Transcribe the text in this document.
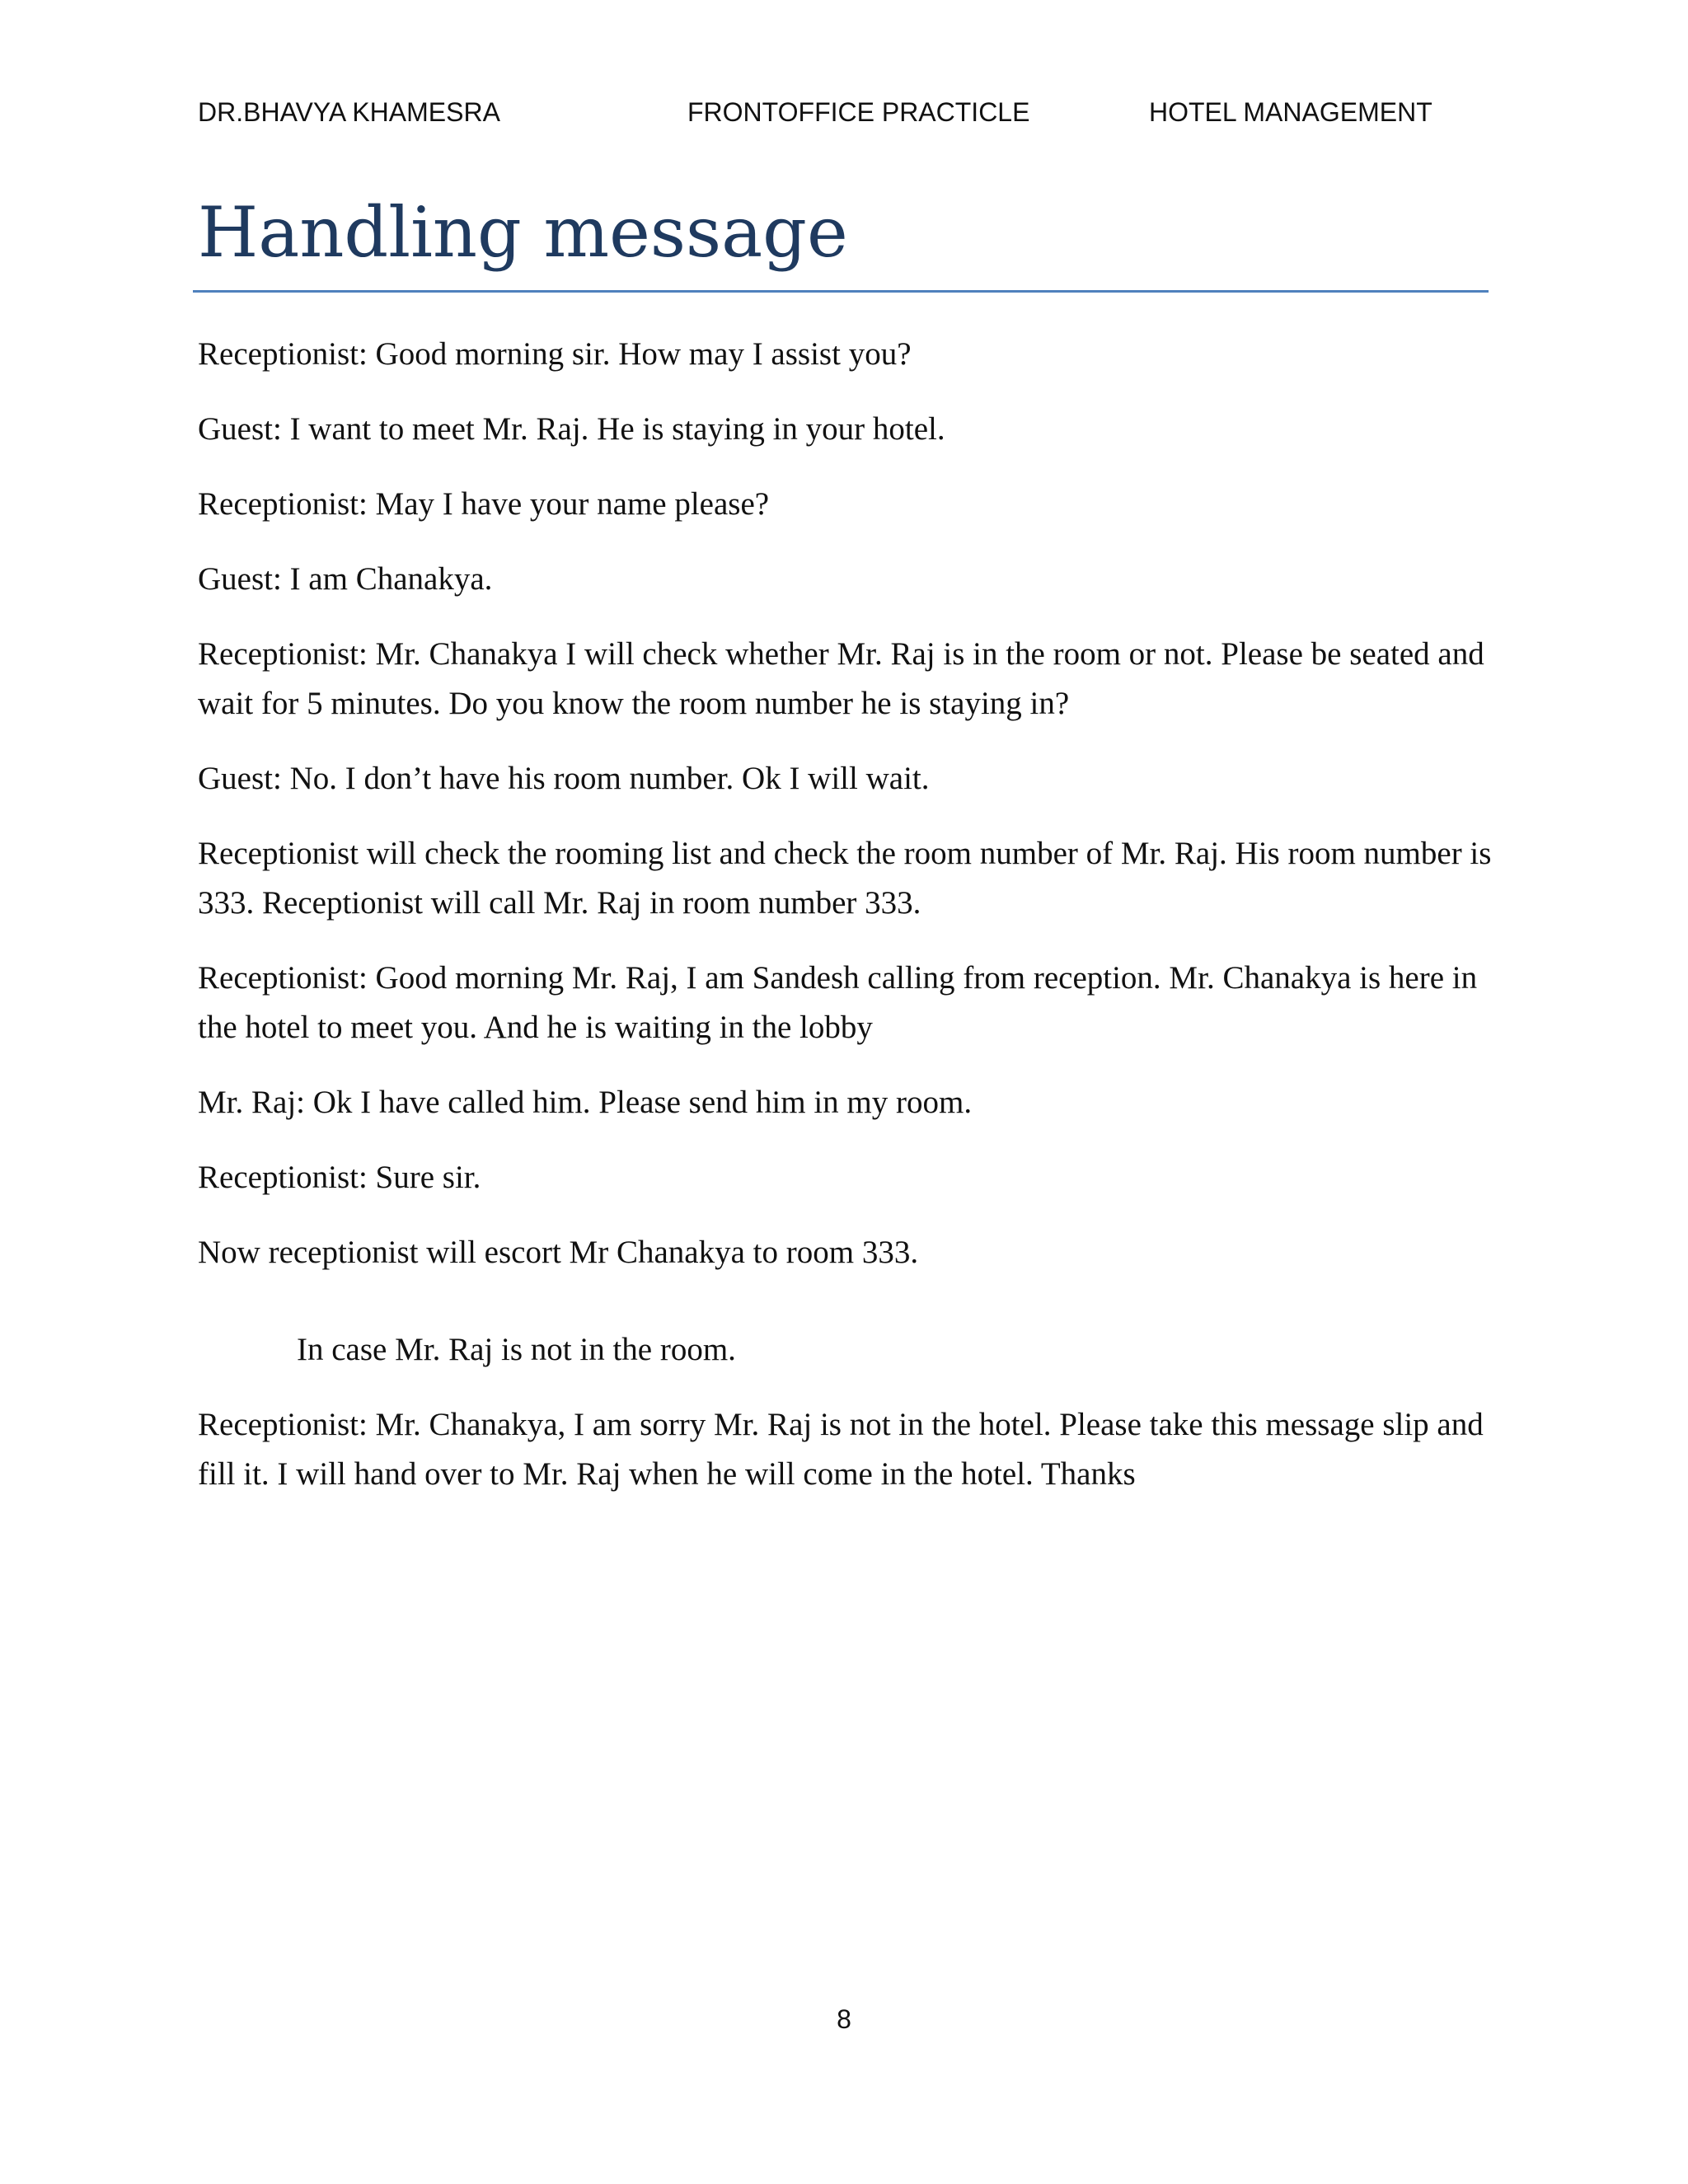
DR.BHAVYA KHAMESRA	FRONTOFFICE PRACTICLE	HOTEL MANAGEMENT
Handling message

Receptionist: Good morning sir. How may I assist you?

Guest: I want to meet Mr. Raj. He is staying in your hotel.

Receptionist: May I have your name please?

Guest: I am Chanakya.

Receptionist: Mr. Chanakya I will check whether Mr. Raj is in the room or not. Please be seated and wait for 5 minutes. Do you know the room number he is staying in?

Guest: No. I don’t have his room number. Ok I will wait.

Receptionist will check the rooming list and check the room number of Mr. Raj. His room number is 333. Receptionist will call Mr. Raj in room number 333.

Receptionist: Good morning Mr. Raj, I am Sandesh calling from reception. Mr. Chanakya is here in the hotel to meet you. And he is waiting in the lobby

Mr. Raj: Ok I have called him. Please send him in my room.

Receptionist: Sure sir.

Now receptionist will escort Mr Chanakya to room 333.

In case Mr. Raj is not in the room.

Receptionist: Mr. Chanakya, I am sorry Mr. Raj is not in the hotel. Please take this message slip and fill it. I will hand over to Mr. Raj when he will come in the hotel. Thanks

8
